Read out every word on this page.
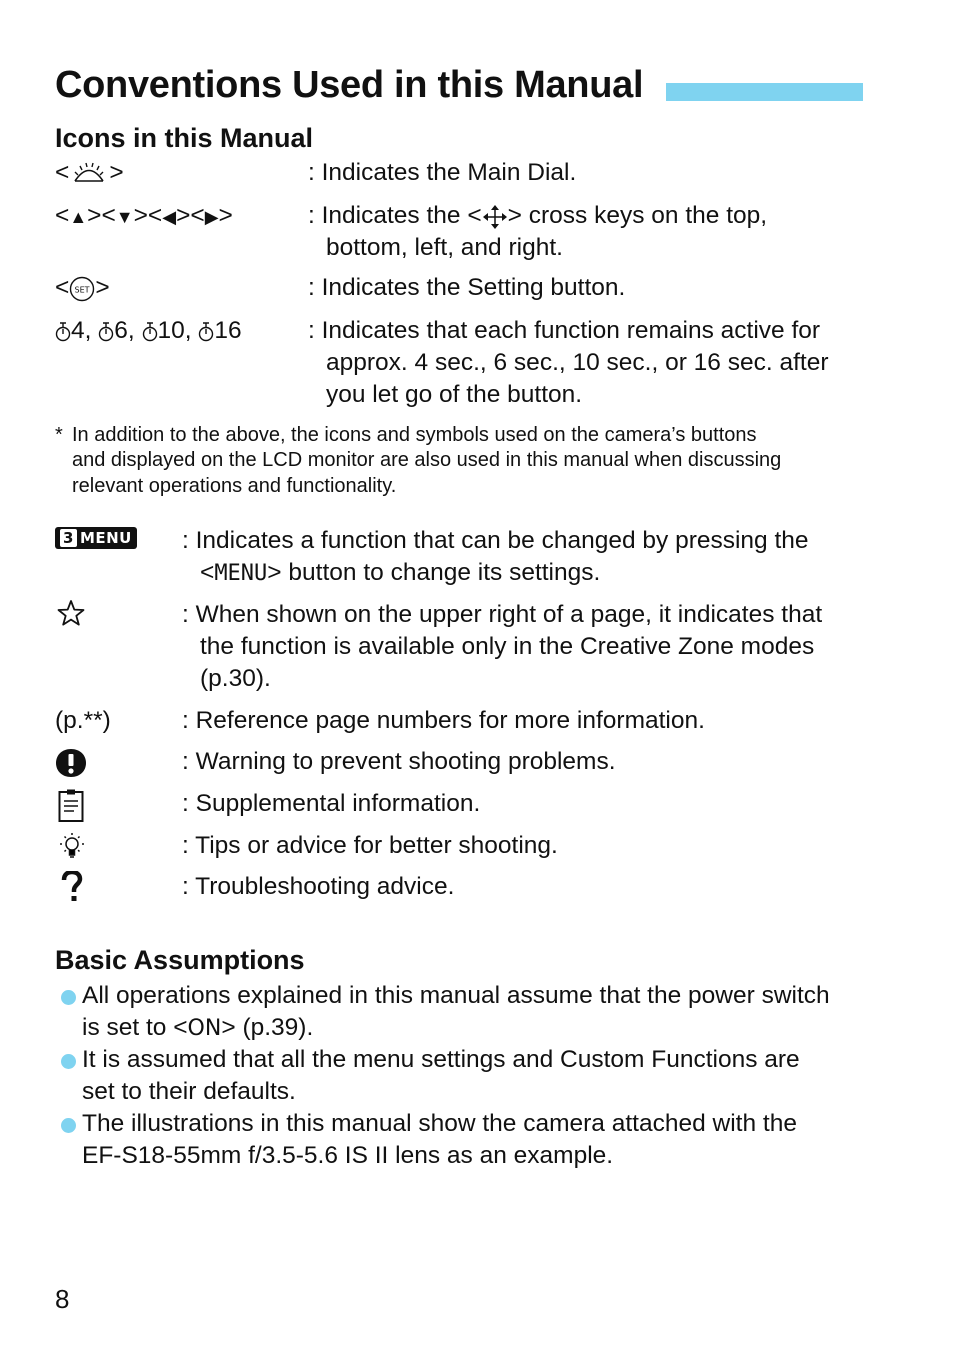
Conventions Used in this Manual
Icons in this Manual
< >	: Indicates the Main Dial.
<▲><▼><◀><▶>	: Indicates the < > cross keys on the top,
bottom, left, and right.
< SET >	: Indicates the Setting button.
4, 6, 10, 16	: Indicates that each function remains active for
approx. 4 sec., 6 sec., 10 sec., or 16 sec. after
you let go of the button.
* In addition to the above, the icons and symbols used on the camera’s buttons
and displayed on the LCD monitor are also used in this manual when discussing
relevant operations and functionality.
3 MENU : Indicates a function that can be changed by pressing the
<MENU> button to change its settings.
: When shown on the upper right of a page, it indicates that
the function is available only in the Creative Zone modes
(p.30).
(p.**)	: Reference page numbers for more information.
: Warning to prevent shooting problems.
: Supplemental information.
: Tips or advice for better shooting.
: Troubleshooting advice.
Basic Assumptions
All operations explained in this manual assume that the power switch
is set to <ON> (p.39).
It is assumed that all the menu settings and Custom Functions are
set to their defaults.
The illustrations in this manual show the camera attached with the
EF-S18-55mm f/3.5-5.6 IS II lens as an example.
8
